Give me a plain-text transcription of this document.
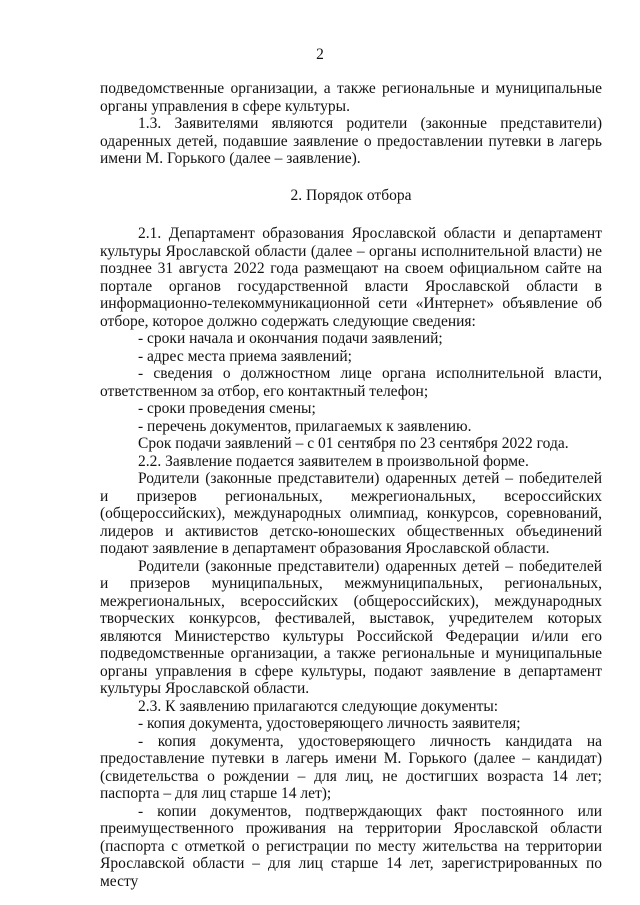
2

подведомственные организации, а также региональные и муниципальные органы управления в сфере культуры.

1.3. Заявителями являются родители (законные представители) одаренных детей, подавшие заявление о предоставлении путевки в лагерь имени М. Горького (далее – заявление).

2. Порядок отбора

2.1. Департамент образования Ярославской области и департамент культуры Ярославской области (далее – органы исполнительной власти) не позднее 31 августа 2022 года размещают на своем официальном сайте на портале органов государственной власти Ярославской области в информационно-телекоммуникационной сети «Интернет» объявление об отборе, которое должно содержать следующие сведения:

- сроки начала и окончания подачи заявлений;

- адрес места приема заявлений;

- сведения о должностном лице органа исполнительной власти, ответственном за отбор, его контактный телефон;

- сроки проведения смены;

- перечень документов, прилагаемых к заявлению.

Срок подачи заявлений – с 01 сентября по 23 сентября 2022 года.

2.2. Заявление подается заявителем в произвольной форме.

Родители (законные представители) одаренных детей – победителей и призеров региональных, межрегиональных, всероссийских (общероссийских), международных олимпиад, конкурсов, соревнований, лидеров и активистов детско-юношеских общественных объединений подают заявление в департамент образования Ярославской области.

Родители (законные представители) одаренных детей – победителей и призеров муниципальных, межмуниципальных, региональных, межрегиональных, всероссийских (общероссийских), международных творческих конкурсов, фестивалей, выставок, учредителем которых являются Министерство культуры Российской Федерации и/или его подведомственные организации, а также региональные и муниципальные органы управления в сфере культуры, подают заявление в департамент культуры Ярославской области.

2.3. К заявлению прилагаются следующие документы:

- копия документа, удостоверяющего личность заявителя;

- копия документа, удостоверяющего личность кандидата на предоставление путевки в лагерь имени М. Горького (далее – кандидат) (свидетельства о рождении – для лиц, не достигших возраста 14 лет; паспорта – для лиц старше 14 лет);

- копии документов, подтверждающих факт постоянного или преимущественного проживания на территории Ярославской области (паспорта с отметкой о регистрации по месту жительства на территории Ярославской области – для лиц старше 14 лет, зарегистрированных по месту
